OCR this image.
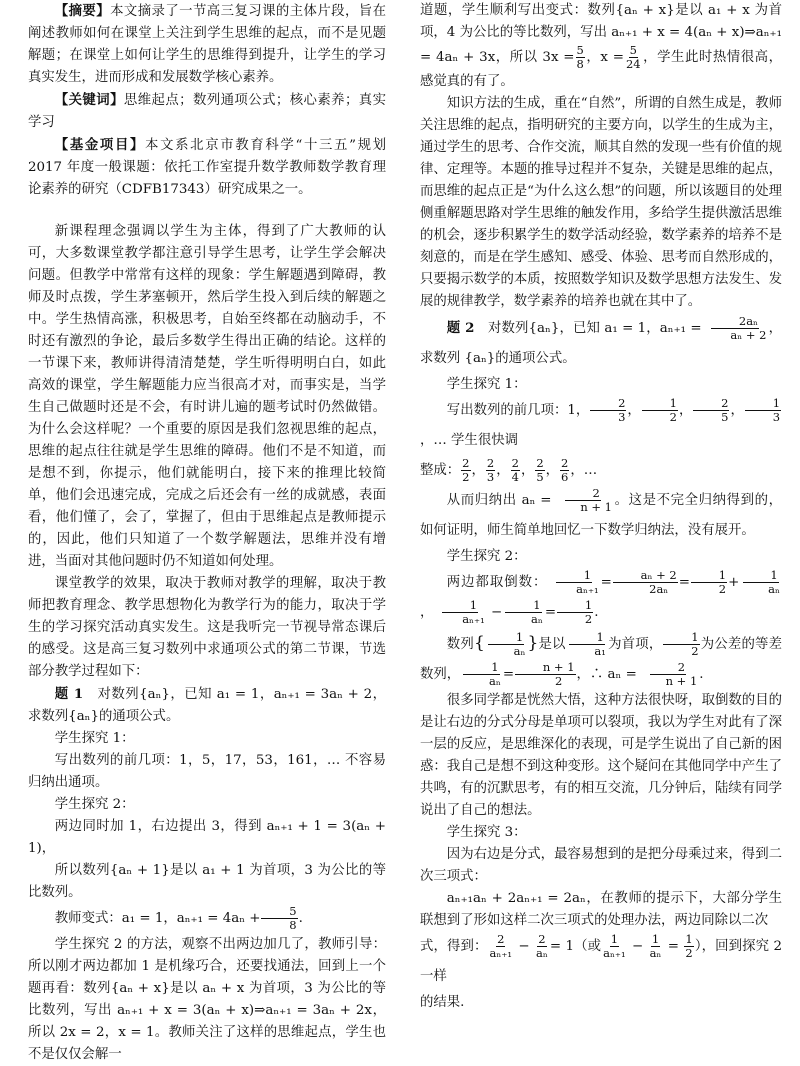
【摘要】本文摘录了一节高三复习课的主体片段，旨在阐述教师如何在课堂上关注到学生思维的起点，而不是见题解题；在课堂上如何让学生的思维得到提升，让学生的学习真实发生，进而形成和发展数学核心素养。

【关键词】思维起点；数列通项公式；核心素养；真实学习

【基金项目】本文系北京市教育科学“十三五”规划 2017 年度一般课题：依托工作室提升数学教师数学教育理论素养的研究（CDFB17343）研究成果之一。

新课程理念强调以学生为主体，得到了广大教师的认可，大多数课堂教学都注意引导学生思考，让学生学会解决问题。但教学中常常有这样的现象：学生解题遇到障碍，教师及时点拨，学生茅塞顿开，然后学生投入到后续的解题之中。学生热情高涨，积极思考，自始至终都在动脑动手，不时还有激烈的争论，最后多数学生得出正确的结论。这样的一节课下来，教师讲得清清楚楚，学生听得明明白白，如此高效的课堂，学生解题能力应当很高才对，而事实是，当学生自己做题时还是不会，有时讲儿遍的题考试时仍然做错。为什么会这样呢？一个重要的原因是我们忽视思维的起点，思维的起点往往就是学生思维的障碍。他们不是不知道，而是想不到，你提示，他们就能明白，接下来的推理比较简单，他们会迅速完成，完成之后还会有一丝的成就感，表面看，他们懂了，会了，掌握了，但由于思维起点是教师提示的，因此，他们只知道了一个数学解题法，思维并没有增进，当面对其他问题时仍不知道如何处理。

课堂教学的效果，取决于教师对教学的理解，取决于教师把教育理念、教学思想物化为教学行为的能力，取决于学生的学习探究活动真实发生。这是我听完一节视导常态课后的感受。这是高三复习数列中求通项公式的第二节课，节选部分教学过程如下：

题 1　 对数列{aₙ}，已知 a₁ = 1，aₙ₊₁ = 3aₙ + 2，求数列{aₙ}的通项公式。

学生探究 1：

写出数列的前几项：1，5，17，53，161，… 不容易归纳出通项。

学生探究 2：

两边同时加 1，右边提出 3，得到 aₙ₊₁ + 1 = 3(aₙ + 1)，

所以数列{aₙ + 1}是以 a₁ + 1 为首项，3 为公比的等比数列。

教师变式：a₁ = 1，$a_{n+1} = 4a_n + \frac{5}{8}$ .

学生探究 2 的方法，观察不出两边加几了，教师引导：所以刚才两边都加 1 是机缘巧合，还要找通法，回到上一个题再看：数列{aₙ + x}是以 aₙ + x 为首项，3 为公比的等比数列，写出 aₙ₊₁ + x = 3(aₙ + x)⇒aₙ₊₁ = 3aₙ + 2x，所以 2x = 2，x = 1。教师关注了这样的思维起点，学生也不是仅仅会解一

道题，学生顺利写出变式：数列{aₙ + x}是以 a₁ + x 为首项，4 为公比的等比数列，写出 aₙ₊₁ + x = 4(aₙ + x)⇒aₙ₊₁ = 4aₙ + 3x，所以 $3x = \frac{5}{8}$ ，$x = \frac{5}{24}$ ，学生此时热情很高，感觉真的有了。

知识方法的生成，重在“自然”，所谓的自然生成是，教师关注思维的起点，指明研究的主要方向，以学生的生成为主，通过学生的思考、合作交流，顺其自然的发现一些有价值的规律、定理等。本题的推导过程并不复杂，关键是思维的起点，而思维的起点正是“为什么这么想”的问题，所以该题目的处理侧重解题思路对学生思维的触发作用，多给学生提供激活思维的机会，逐步积累学生的数学活动经验，数学素养的培养不是刻意的，而是在学生感知、感受、体验、思考而自然形成的，只要揭示数学的本质，按照数学知识及数学思想方法发生、发展的规律教学，数学素养的培养也就在其中了。

题 2　 对数列{aₙ}，已知 a₁ = 1，$a_{n+1} = \frac{\text{2aₙ}}{\text{aₙ + 2}}$ ，求数列 {aₙ}的通项公式。

学生探究 1：

写出数列的前几项：1， $\frac{2}{3}$ ， $\frac{1}{2}$ ， $\frac{2}{5}$ ， $\frac{1}{3}$
，… 学生很快调

整成： $\frac{2}{2}$ ， $\frac{2}{3}$ ， $\frac{2}{4}$ ， $\frac{2}{5}$ ， $\frac{2}{6}$ ，…

从而归纳出 $a_n = \frac{2}{n + 1}$ 。这是不完全归纳得到的，如何证明，师生简单地回忆一下数学归纳法，没有展开。

学生探究 2：

两边都取倒数： $\frac{1}{\text{aₙ₊₁}} = \frac{\text{aₙ + 2}}{\text{2aₙ}} = \frac{1}{2} + \frac{1}{\text{aₙ}}$
， $\frac{1}{\text{aₙ₊₁}} - \frac{1}{\text{aₙ}} = \frac{1}{2}$ .

数列{ $\frac{1}{\text{aₙ}}$ }是以 $\frac{1}{\text{a₁}}$ 为首项， $\frac{1}{2}$ 为公差的等差数列， $\frac{1}{\text{aₙ}} = \frac{n + 1}{2}$ ，∴ $a_n = \frac{2}{n + 1}$ .

很多同学都是恍然大悟，这种方法很快呀，取倒数的目的是让右边的分式分母是单项可以裂项，我以为学生对此有了深一层的反应，是思维深化的表现，可是学生说出了自己新的困惑：我自己是想不到这种变形。这个疑问在其他同学中产生了共鸣，有的沉默思考，有的相互交流，几分钟后，陆续有同学说出了自己的想法。

学生探究 3：

因为右边是分式，最容易想到的是把分母乘过来，得到二次三项式：

aₙ₊₁aₙ + 2aₙ₊₁ = 2aₙ，在教师的提示下，大部分学生联想到了形如这样二次三项式的处理办法，两边同除以二次

式，得到： $\frac{2}{\text{aₙ₊₁}} - \frac{2}{\text{aₙ}} = 1$（或 $\frac{1}{\text{aₙ₊₁}} - \frac{1}{\text{aₙ}} = \frac{1}{2}$ ），回到探究 2 一样

的结果.
